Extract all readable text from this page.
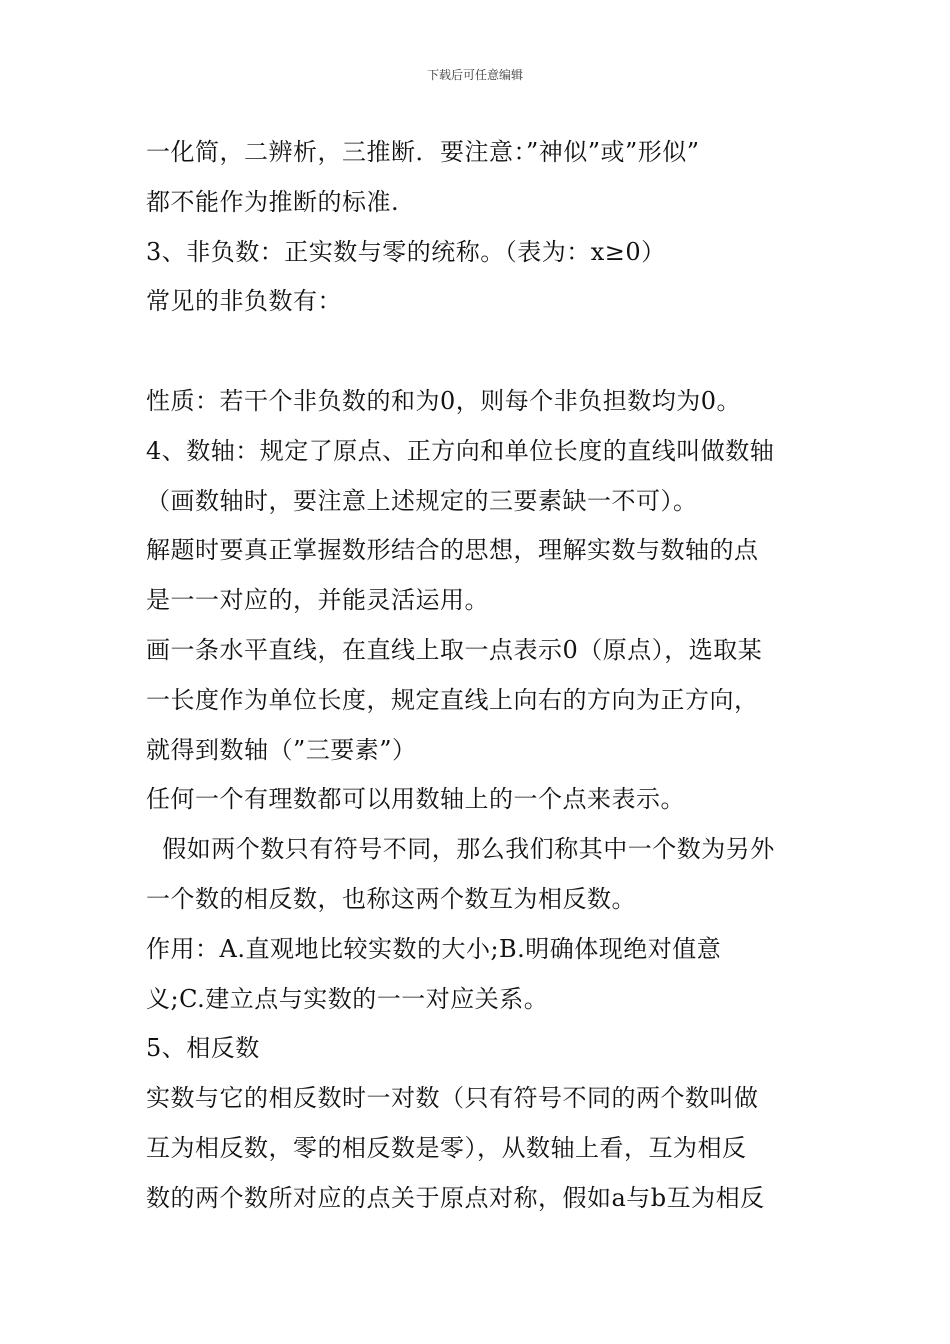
下载后可任意编辑
一化简，二辨析，三推断．要注意：”神似”或”形似”
都不能作为推断的标准.
3、非负数：正实数与零的统称。（表为：x≥0）
常见的非负数有：
性质：若干个非负数的和为0，则每个非负担数均为0。
4、数轴：规定了原点、正方向和单位长度的直线叫做数轴
（画数轴时，要注意上述规定的三要素缺一不可）。
解题时要真正掌握数形结合的思想，理解实数与数轴的点
是一一对应的，并能灵活运用。
画一条水平直线，在直线上取一点表示0（原点），选取某
一长度作为单位长度，规定直线上向右的方向为正方向，
就得到数轴（”三要素”）
任何一个有理数都可以用数轴上的一个点来表示。
假如两个数只有符号不同，那么我们称其中一个数为另外
一个数的相反数，也称这两个数互为相反数。
作用：A.直观地比较实数的大小;B.明确体现绝对值意
义;C.建立点与实数的一一对应关系。
5、相反数
实数与它的相反数时一对数（只有符号不同的两个数叫做
互为相反数，零的相反数是零），从数轴上看，互为相反
数的两个数所对应的点关于原点对称，假如a与b互为相反
